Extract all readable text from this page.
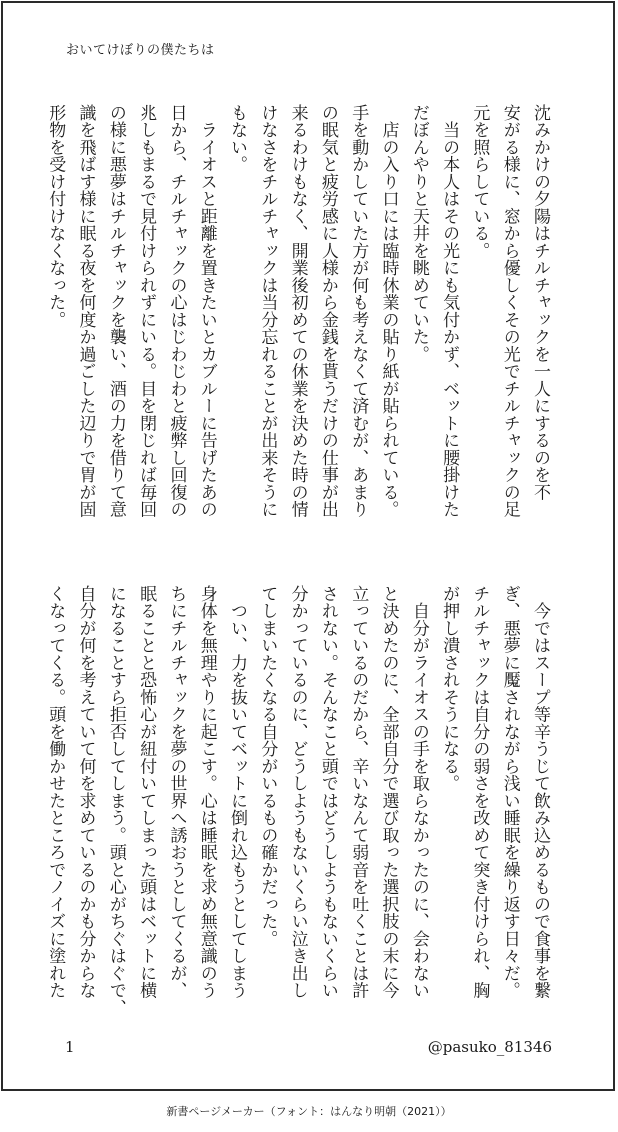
おいてけぼりの僕たちは
沈みかけの夕陽はチルチャックを一人にするのを不
安がる様に、窓から優しくその光でチルチャックの足
元を照らしている。
　当の本人はその光にも気付かず、ベットに腰掛けた
だぼんやりと天井を眺めていた。
　店の入り口には臨時休業の貼り紙が貼られている。
手を動かしていた方が何も考えなくて済むが、あまり
の眠気と疲労感に人様から金銭を貰うだけの仕事が出
来るわけもなく、開業後初めての休業を決めた時の情
けなさをチルチャックは当分忘れることが出来そうに
もない。
　ライオスと距離を置きたいとカブルーに告げたあの
日から、チルチャックの心はじわじわと疲弊し回復の
兆しもまるで見付けられずにいる。目を閉じれば毎回
の様に悪夢はチルチャックを襲い、酒の力を借りて意
識を飛ばす様に眠る夜を何度か過ごした辺りで胃が固
形物を受け付けなくなった。
　今ではスープ等辛うじて飲み込めるもので食事を繋
ぎ、悪夢に魘されながら浅い睡眠を繰り返す日々だ。
チルチャックは自分の弱さを改めて突き付けられ、胸
が押し潰されそうになる。
　自分がライオスの手を取らなかったのに、会わない
と決めたのに、全部自分で選び取った選択肢の末に今
立っているのだから、辛いなんて弱音を吐くことは許
されない。そんなこと頭ではどうしようもないくらい
分かっているのに、どうしようもないくらい泣き出し
てしまいたくなる自分がいるもの確かだった。
　つい、力を抜いてベットに倒れ込もうとしてしまう
身体を無理やりに起こす。心は睡眠を求め無意識のう
ちにチルチャックを夢の世界へ誘おうとしてくるが、
眠ることと恐怖心が紐付いてしまった頭はベットに横
になることすら拒否してしまう。頭と心がちぐはぐで、
自分が何を考えていて何を求めているのかも分からな
くなってくる。頭を働かせたところでノイズに塗れた
1	@pasuko_81346
新書ページメーカー（フォント：はんなり明朝（2021））
